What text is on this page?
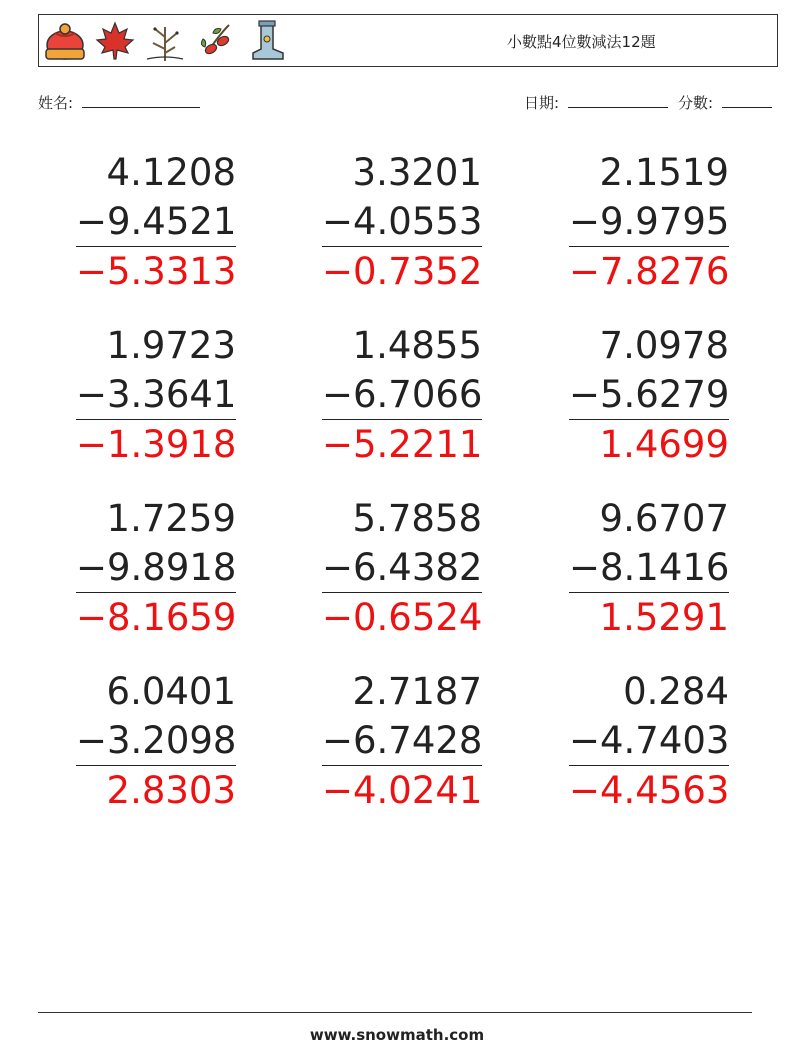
小數點4位數減法12題
姓名:	日期:	分數:
4.1208
−9.4521
−5.3313
3.3201
−4.0553
−0.7352
2.1519
−9.9795
−7.8276
1.9723
−3.3641
−1.3918
1.4855
−6.7066
−5.2211
7.0978
−5.6279
1.4699
1.7259
−9.8918
−8.1659
5.7858
−6.4382
−0.6524
9.6707
−8.1416
1.5291
6.0401
−3.2098
2.8303
2.7187
−6.7428
−4.0241
0.284
−4.7403
−4.4563
www.snowmath.com
